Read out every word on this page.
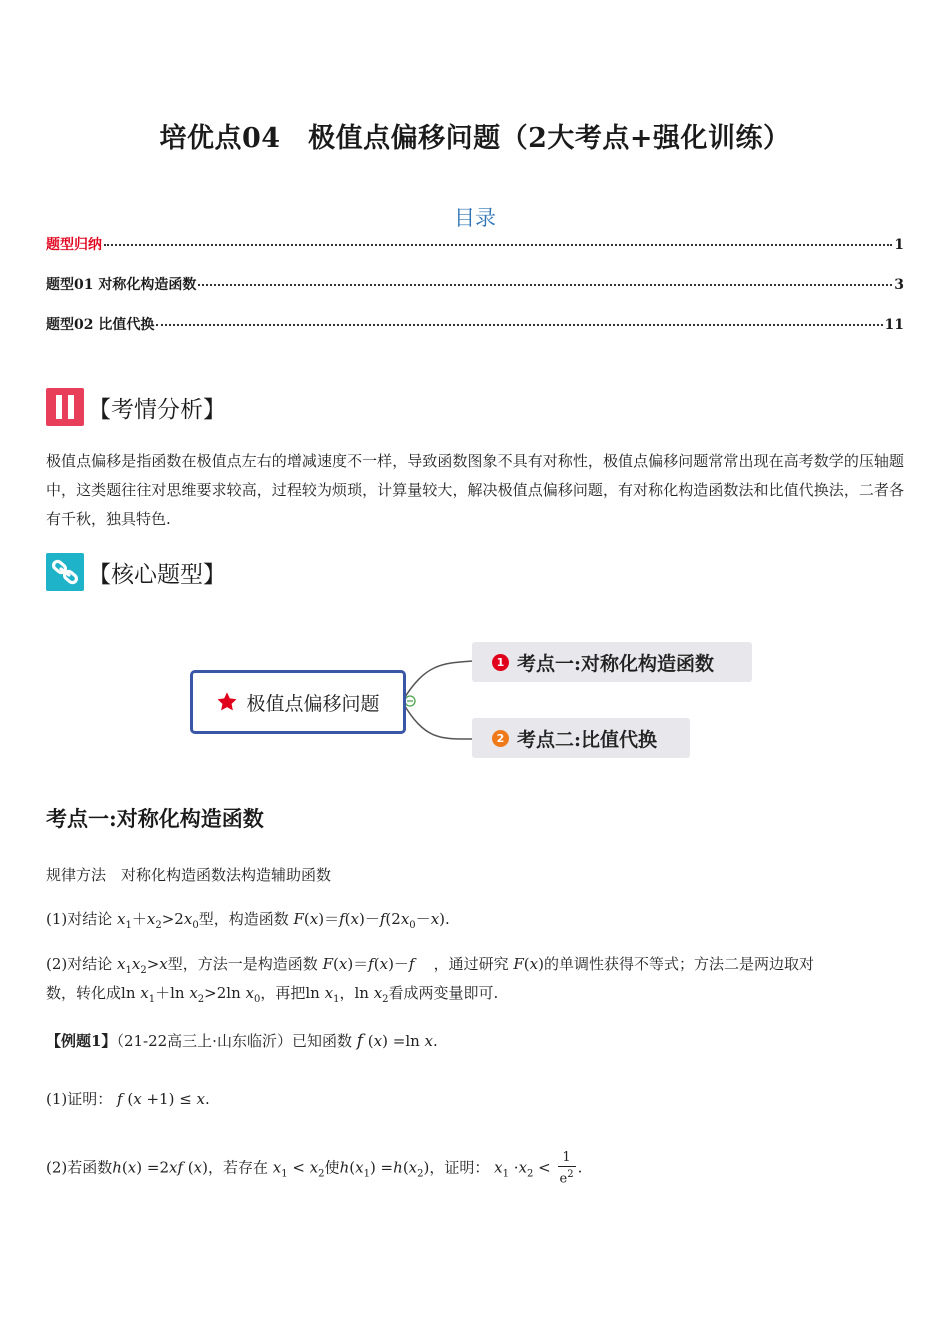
培优点04　极值点偏移问题（2大考点+强化训练）
目录
题型归纳	1
题型01 对称化构造函数	3
题型02 比值代换	11
【考情分析】
极值点偏移是指函数在极值点左右的增减速度不一样，导致函数图象不具有对称性，极值点偏移问题常常出现在高考数学的压轴题中，这类题往往对思维要求较高，过程较为烦琐，计算量较大，解决极值点偏移问题，有对称化构造函数法和比值代换法，二者各有千秋，独具特色.
【核心题型】
极值点偏移问题
1 考点一:对称化构造函数
2 考点二:比值代换
考点一:对称化构造函数
规律方法　对称化构造函数法构造辅助函数
(1)对结论 $x_1+x_2>2x_0$型，构造函数 $F(x)=f(x)-f(2x_0-x)$.
(2)对结论 $x_1x_2>x$型，方法一是构造函数 F(x)＝f(x)－f ，通过研究 F(x)的单调性获得不等式；方法二是两边取对
数，转化成$\ln x_1+\ln$ $x_2>2\ln$ $x_0$，再把$\ln x_1$，$\ln x_2$看成两变量即可.
【例题1】（21-22高三上·山东临沂）已知函数 f (x) =ln x.
(1)证明： f (x +1) ≤ x.
(2)若函数h(x) =2xf (x)，若存在 $x_1 < x_2$使$h(x_1) =h(x_2)$，证明： $x_1 \cdot x_2 < \frac{1}{e^2}$ .
